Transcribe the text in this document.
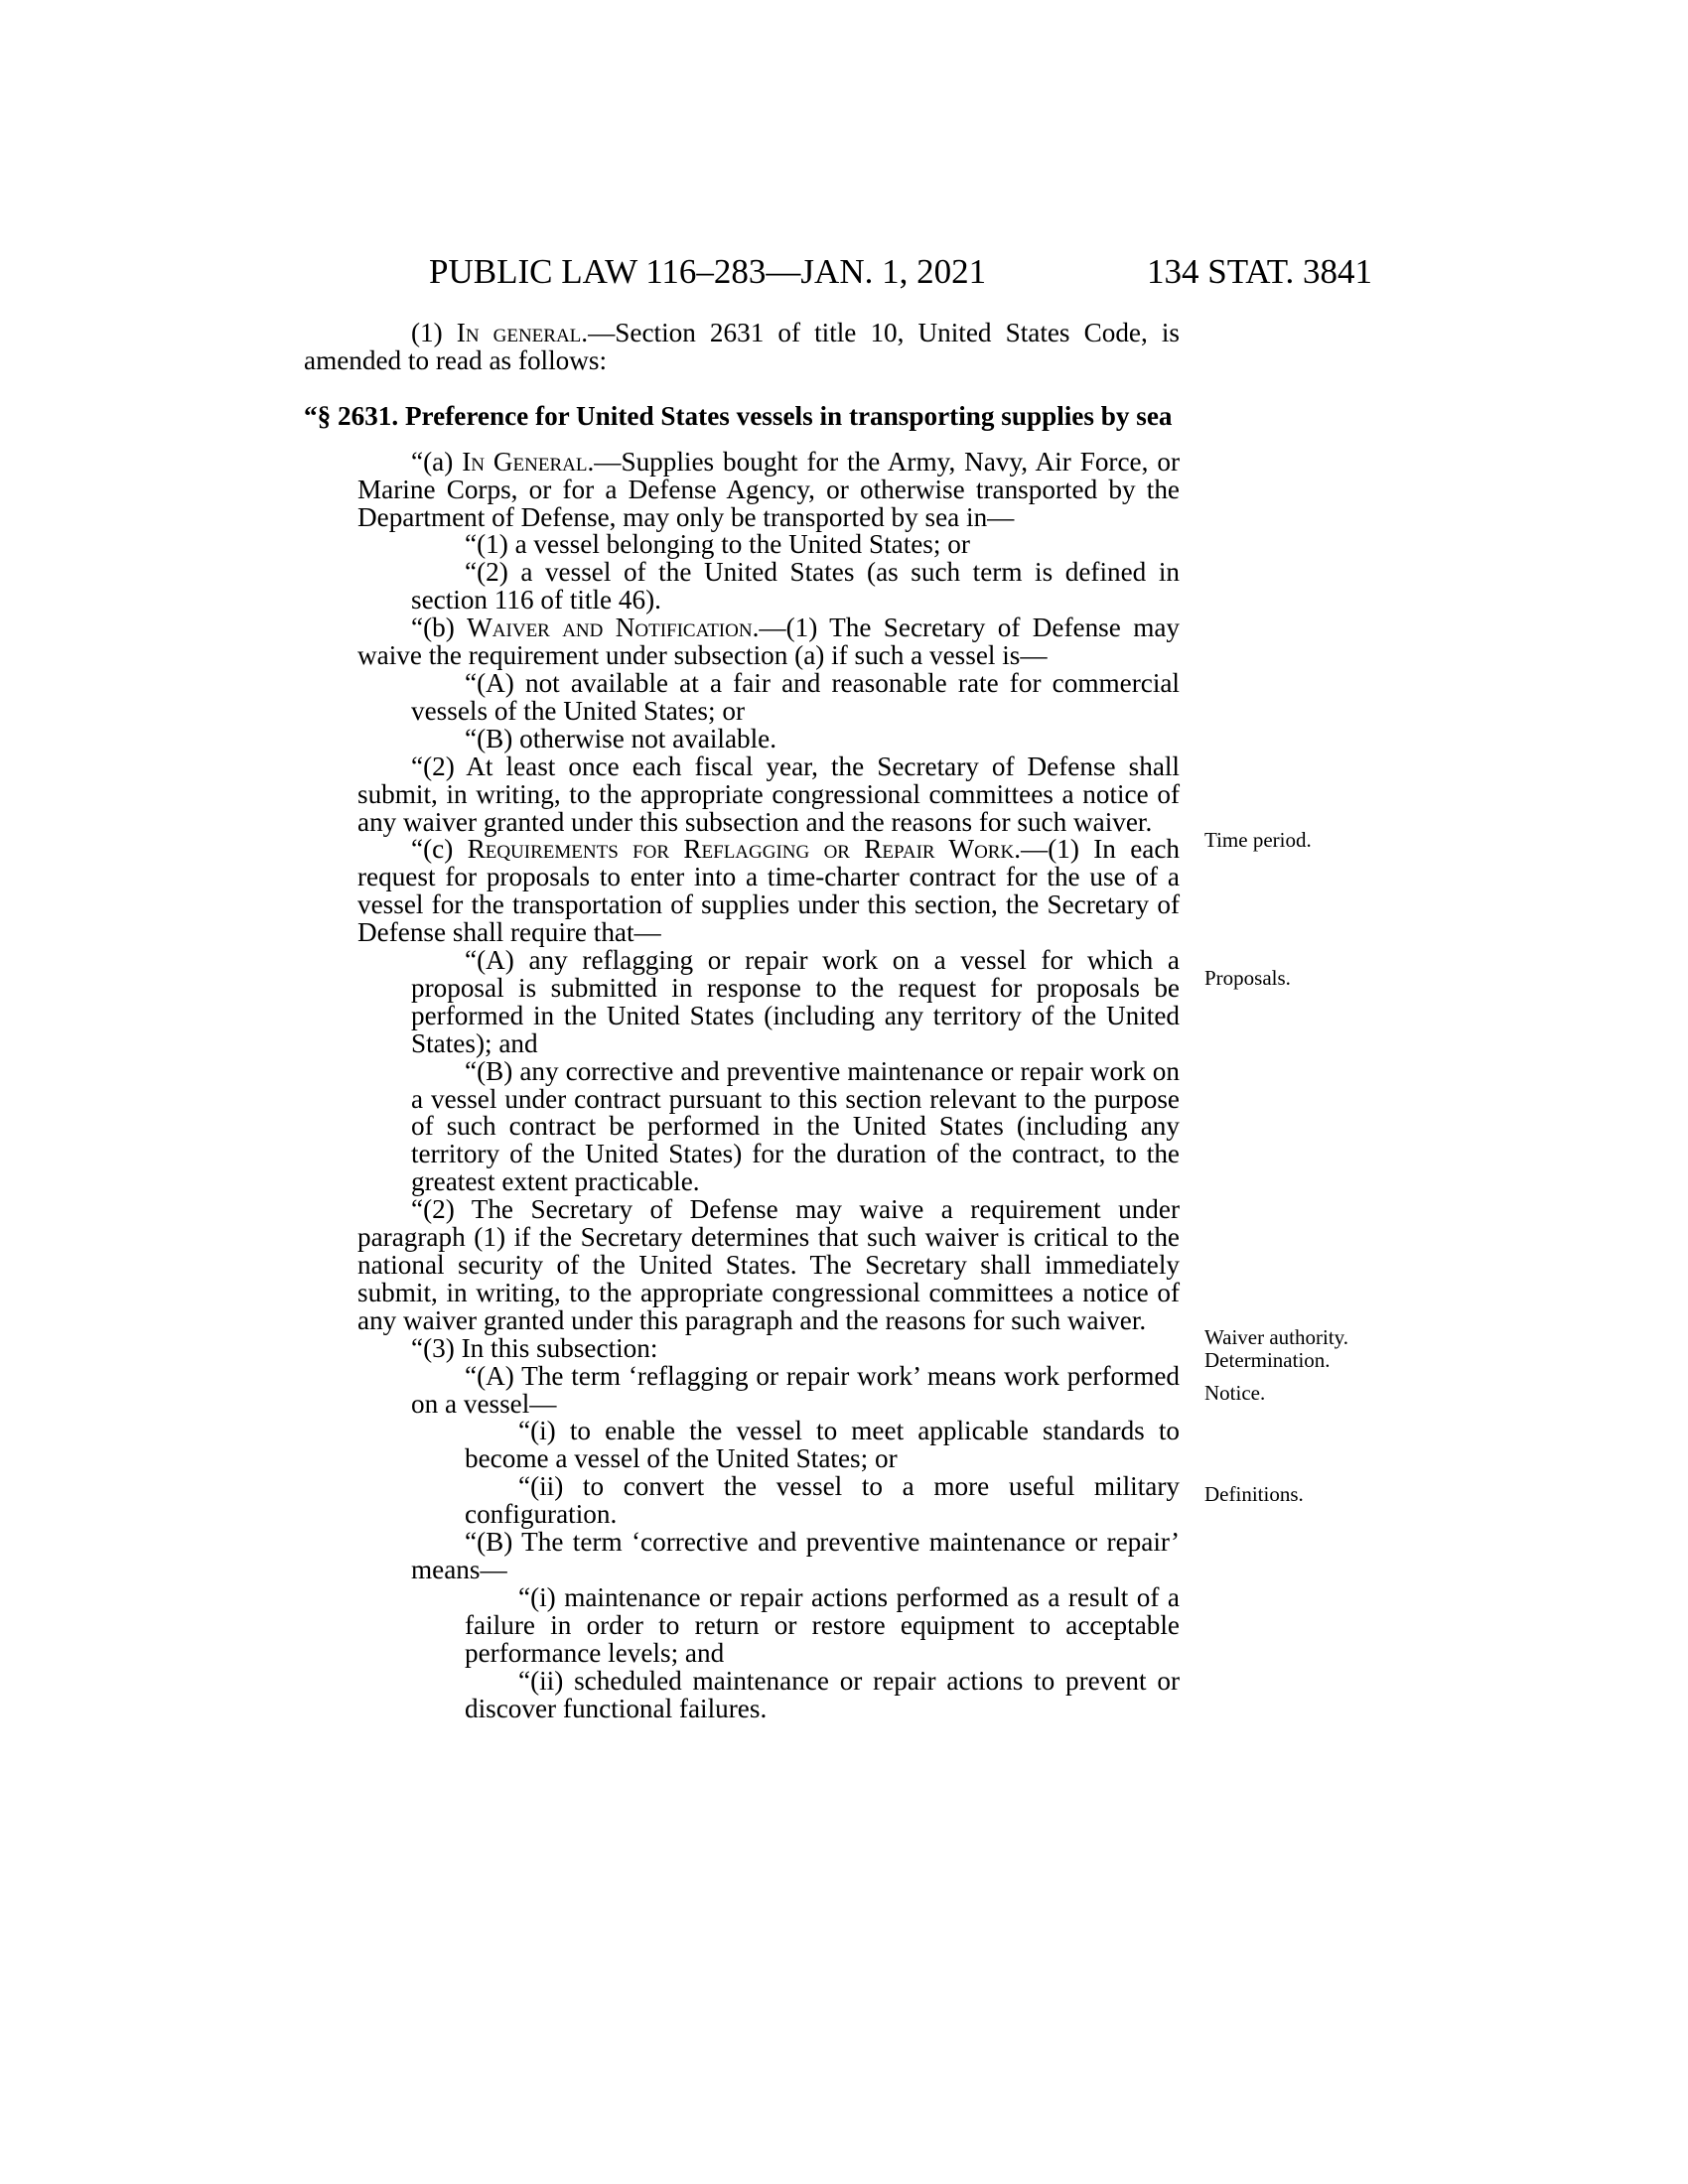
PUBLIC LAW 116–283—JAN. 1, 2021	134 STAT. 3841

(1) In general.—Section 2631 of title 10, United States Code, is amended to read as follows:

“§ 2631. Preference for United States vessels in transporting supplies by sea

“(a) In General.—Supplies bought for the Army, Navy, Air Force, or Marine Corps, or for a Defense Agency, or otherwise transported by the Department of Defense, may only be transported by sea in—

“(1) a vessel belonging to the United States; or

“(2) a vessel of the United States (as such term is defined in section 116 of title 46).

“(b) Waiver and Notification.—(1) The Secretary of Defense may waive the requirement under subsection (a) if such a vessel is—

“(A) not available at a fair and reasonable rate for commercial vessels of the United States; or

“(B) otherwise not available.

“(2) At least once each fiscal year, the Secretary of Defense shall submit, in writing, to the appropriate congressional committees a notice of any waiver granted under this subsection and the reasons for such waiver.

“(c) Requirements for Reflagging or Repair Work.—(1) In each request for proposals to enter into a time-charter contract for the use of a vessel for the transportation of supplies under this section, the Secretary of Defense shall require that—

“(A) any reflagging or repair work on a vessel for which a proposal is submitted in response to the request for proposals be performed in the United States (including any territory of the United States); and

“(B) any corrective and preventive maintenance or repair work on a vessel under contract pursuant to this section relevant to the purpose of such contract be performed in the United States (including any territory of the United States) for the duration of the contract, to the greatest extent practicable.

“(2) The Secretary of Defense may waive a requirement under paragraph (1) if the Secretary determines that such waiver is critical to the national security of the United States. The Secretary shall immediately submit, in writing, to the appropriate congressional committees a notice of any waiver granted under this paragraph and the reasons for such waiver.

“(3) In this subsection:

“(A) The term ‘reflagging or repair work’ means work performed on a vessel—

“(i) to enable the vessel to meet applicable standards to become a vessel of the United States; or

“(ii) to convert the vessel to a more useful military configuration.

“(B) The term ‘corrective and preventive maintenance or repair’ means—

“(i) maintenance or repair actions performed as a result of a failure in order to return or restore equipment to acceptable performance levels; and

“(ii) scheduled maintenance or repair actions to prevent or discover functional failures.

Time period.
Proposals.
Waiver authority.
Determination.
Notice.
Definitions.
